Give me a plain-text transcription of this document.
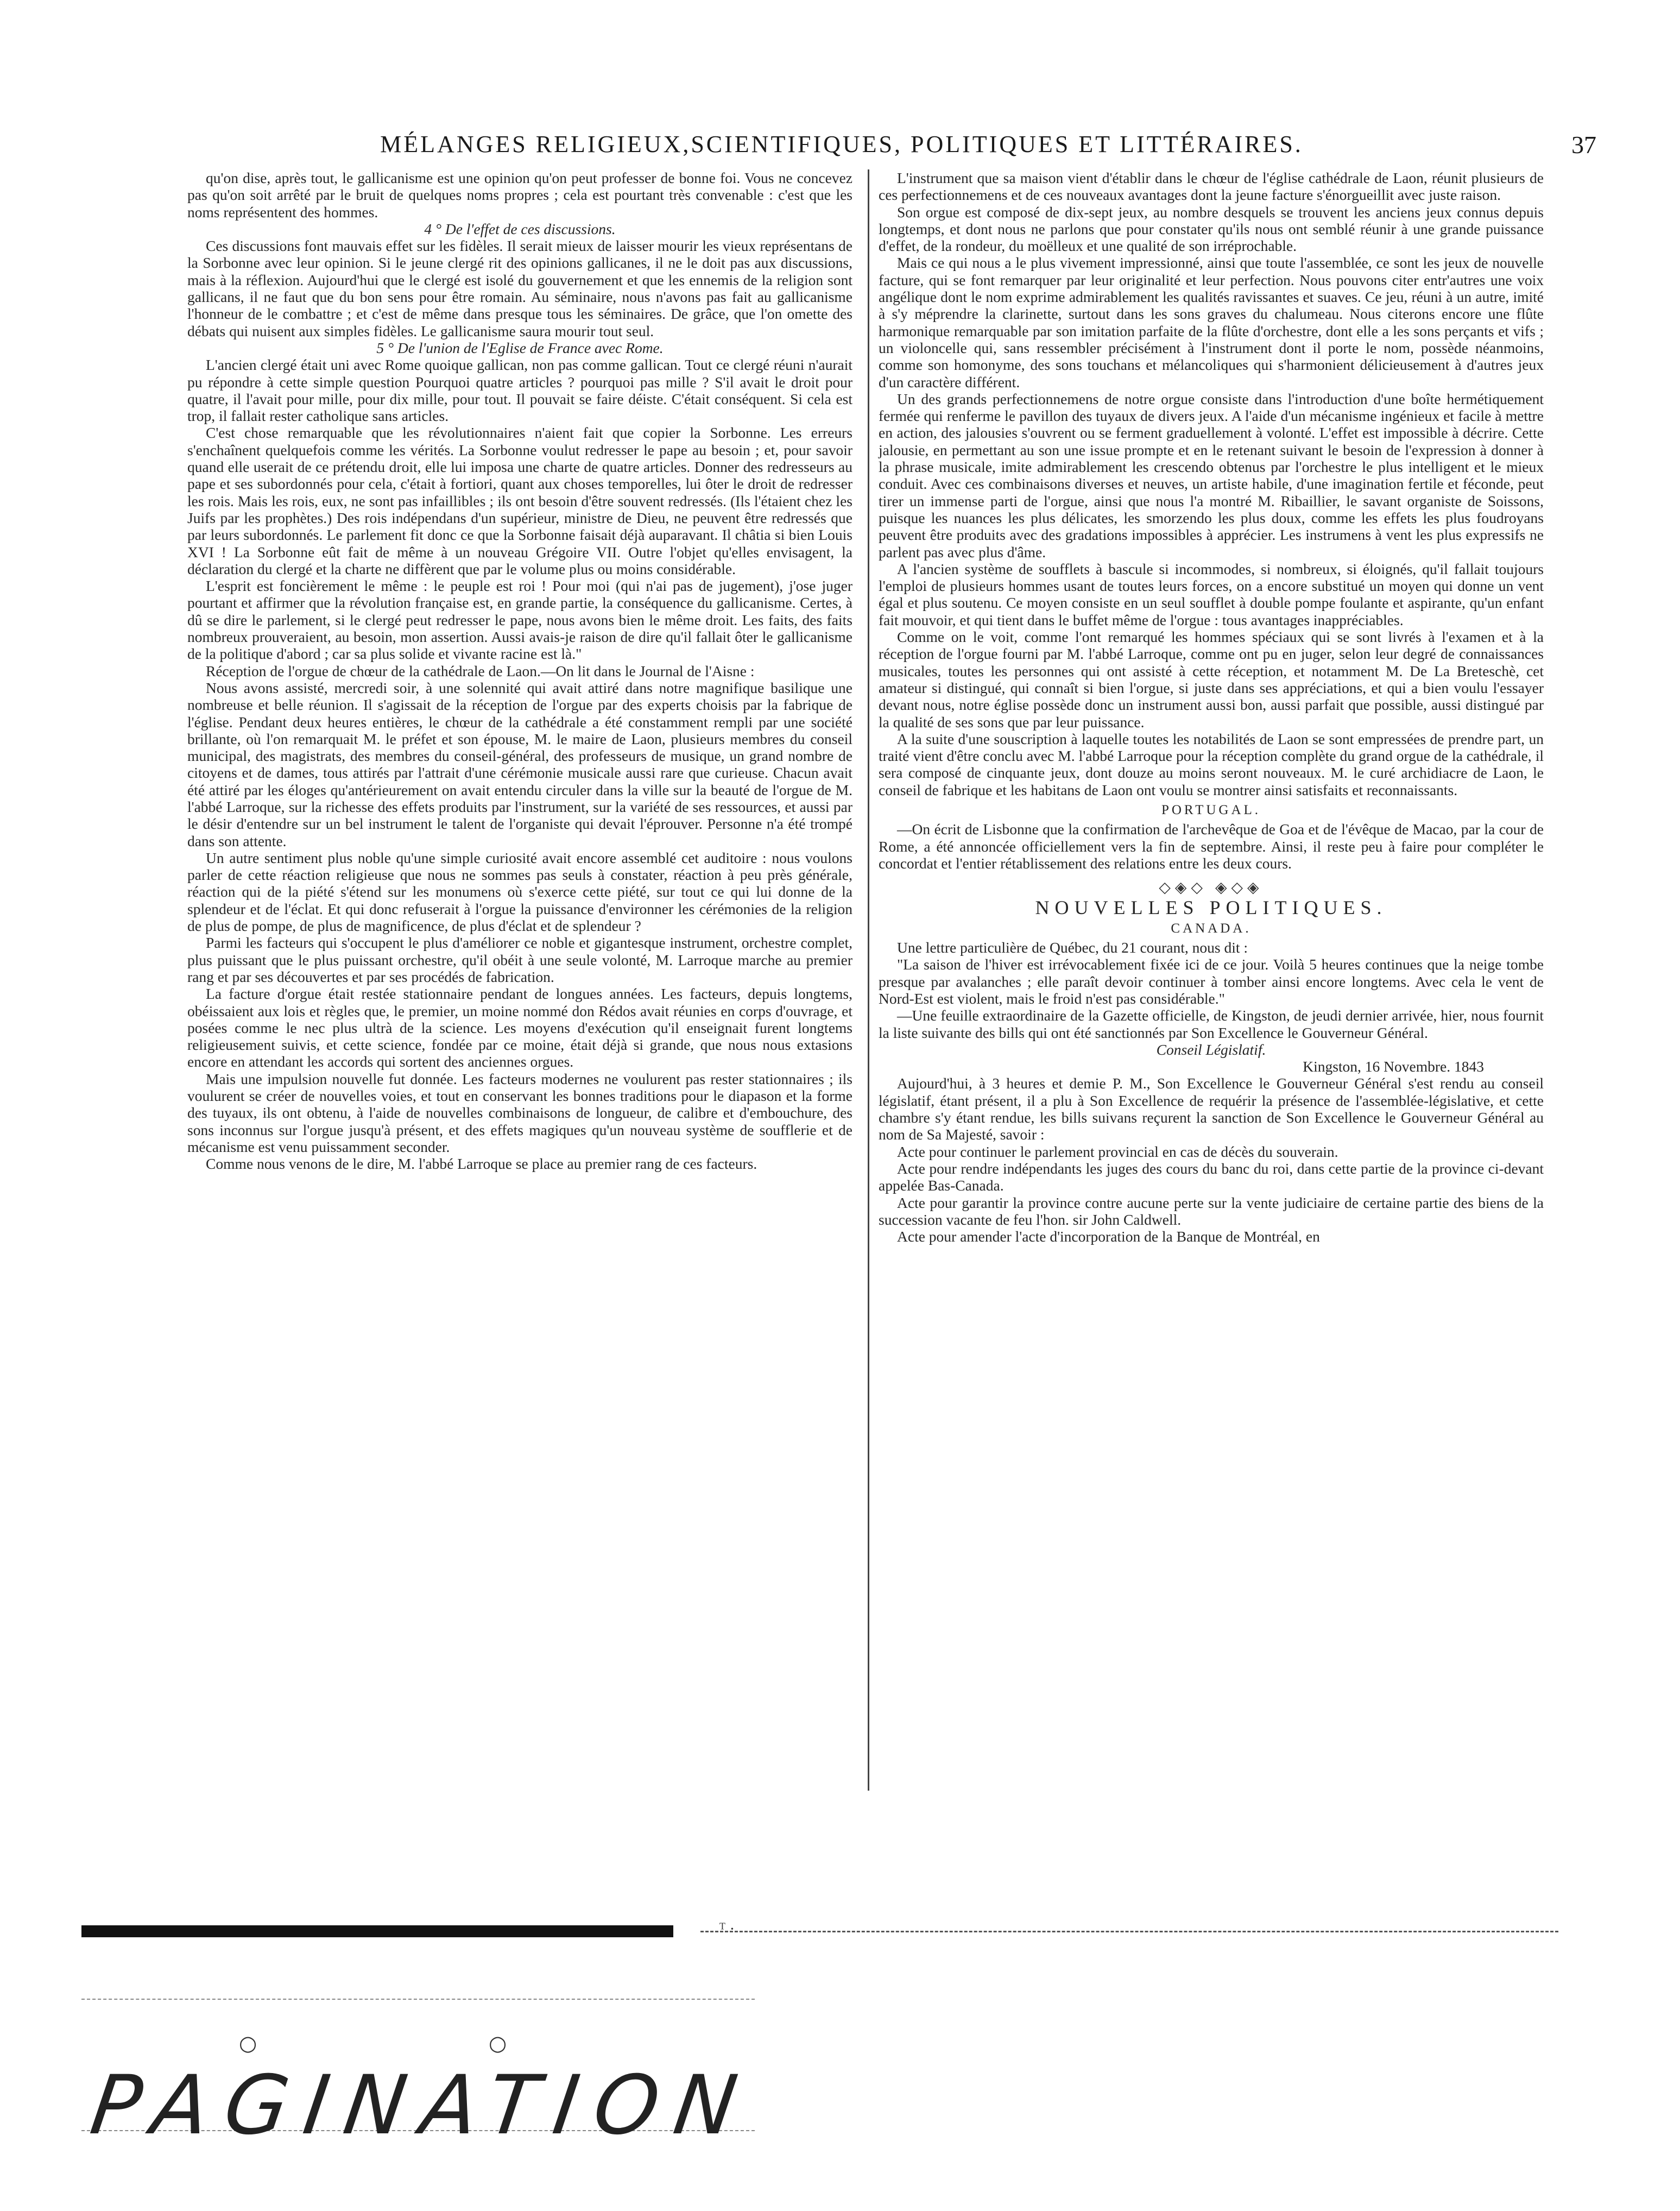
MÉLANGES RELIGIEUX,SCIENTIFIQUES, POLITIQUES ET LITTÉRAIRES.	37

qu'on dise, après tout, le gallicanisme est une opinion qu'on peut professer de bonne foi. Vous ne concevez pas qu'on soit arrêté par le bruit de quelques noms propres ; cela est pourtant très convenable : c'est que les noms représentent des hommes.

4 ° De l'effet de ces discussions.

Ces discussions font mauvais effet sur les fidèles. Il serait mieux de laisser mourir les vieux représentans de la Sorbonne avec leur opinion. Si le jeune clergé rit des opinions gallicanes, il ne le doit pas aux discussions, mais à la réflexion. Aujourd'hui que le clergé est isolé du gouvernement et que les ennemis de la religion sont gallicans, il ne faut que du bon sens pour être romain. Au séminaire, nous n'avons pas fait au gallicanisme l'honneur de le combattre ; et c'est de même dans presque tous les séminaires. De grâce, que l'on omette des débats qui nuisent aux simples fidèles. Le gallicanisme saura mourir tout seul.

5 ° De l'union de l'Eglise de France avec Rome.

L'ancien clergé était uni avec Rome quoique gallican, non pas comme gallican. Tout ce clergé réuni n'aurait pu répondre à cette simple question Pourquoi quatre articles ? pourquoi pas mille ? S'il avait le droit pour quatre, il l'avait pour mille, pour dix mille, pour tout. Il pouvait se faire déiste. C'était conséquent. Si cela est trop, il fallait rester catholique sans articles.

C'est chose remarquable que les révolutionnaires n'aient fait que copier la Sorbonne. Les erreurs s'enchaînent quelquefois comme les vérités. La Sorbonne voulut redresser le pape au besoin ; et, pour savoir quand elle userait de ce prétendu droit, elle lui imposa une charte de quatre articles. Donner des redresseurs au pape et ses subordonnés pour cela, c'était à fortiori, quant aux choses temporelles, lui ôter le droit de redresser les rois. Mais les rois, eux, ne sont pas infaillibles ; ils ont besoin d'être souvent redressés. (Ils l'étaient chez les Juifs par les prophètes.) Des rois indépendans d'un supérieur, ministre de Dieu, ne peuvent être redressés que par leurs subordonnés. Le parlement fit donc ce que la Sorbonne faisait déjà auparavant. Il châtia si bien Louis XVI ! La Sorbonne eût fait de même à un nouveau Grégoire VII. Outre l'objet qu'elles envisagent, la déclaration du clergé et la charte ne diffèrent que par le volume plus ou moins considérable.

L'esprit est foncièrement le même : le peuple est roi ! Pour moi (qui n'ai pas de jugement), j'ose juger pourtant et affirmer que la révolution française est, en grande partie, la conséquence du gallicanisme. Certes, à dû se dire le parlement, si le clergé peut redresser le pape, nous avons bien le même droit. Les faits, des faits nombreux prouveraient, au besoin, mon assertion. Aussi avais-je raison de dire qu'il fallait ôter le gallicanisme de la politique d'abord ; car sa plus solide et vivante racine est là."

Réception de l'orgue de chœur de la cathédrale de Laon.—On lit dans le Journal de l'Aisne :

Nous avons assisté, mercredi soir, à une solennité qui avait attiré dans notre magnifique basilique une nombreuse et belle réunion. Il s'agissait de la réception de l'orgue par des experts choisis par la fabrique de l'église. Pendant deux heures entières, le chœur de la cathédrale a été constamment rempli par une société brillante, où l'on remarquait M. le préfet et son épouse, M. le maire de Laon, plusieurs membres du conseil municipal, des magistrats, des membres du conseil-général, des professeurs de musique, un grand nombre de citoyens et de dames, tous attirés par l'attrait d'une cérémonie musicale aussi rare que curieuse. Chacun avait été attiré par les éloges qu'antérieurement on avait entendu circuler dans la ville sur la beauté de l'orgue de M. l'abbé Larroque, sur la richesse des effets produits par l'instrument, sur la variété de ses ressources, et aussi par le désir d'entendre sur un bel instrument le talent de l'organiste qui devait l'éprouver. Personne n'a été trompé dans son attente.

Un autre sentiment plus noble qu'une simple curiosité avait encore assemblé cet auditoire : nous voulons parler de cette réaction religieuse que nous ne sommes pas seuls à constater, réaction à peu près générale, réaction qui de la piété s'étend sur les monumens où s'exerce cette piété, sur tout ce qui lui donne de la splendeur et de l'éclat. Et qui donc refuserait à l'orgue la puissance d'environner les cérémonies de la religion de plus de pompe, de plus de magnificence, de plus d'éclat et de splendeur ?

Parmi les facteurs qui s'occupent le plus d'améliorer ce noble et gigantesque instrument, orchestre complet, plus puissant que le plus puissant orchestre, qu'il obéit à une seule volonté, M. Larroque marche au premier rang et par ses découvertes et par ses procédés de fabrication.

La facture d'orgue était restée stationnaire pendant de longues années. Les facteurs, depuis longtems, obéissaient aux lois et règles que, le premier, un moine nommé don Rédos avait réunies en corps d'ouvrage, et posées comme le nec plus ultrà de la science. Les moyens d'exécution qu'il enseignait furent longtems religieusement suivis, et cette science, fondée par ce moine, était déjà si grande, que nous nous extasions encore en attendant les accords qui sortent des anciennes orgues.

Mais une impulsion nouvelle fut donnée. Les facteurs modernes ne voulurent pas rester stationnaires ; ils voulurent se créer de nouvelles voies, et tout en conservant les bonnes traditions pour le diapason et la forme des tuyaux, ils ont obtenu, à l'aide de nouvelles combinaisons de longueur, de calibre et d'embouchure, des sons inconnus sur l'orgue jusqu'à présent, et des effets magiques qu'un nouveau système de soufflerie et de mécanisme est venu puissamment seconder.

Comme nous venons de le dire, M. l'abbé Larroque se place au premier rang de ces facteurs.

L'instrument que sa maison vient d'établir dans le chœur de l'église cathédrale de Laon, réunit plusieurs de ces perfectionnemens et de ces nouveaux avantages dont la jeune facture s'énorgueillit avec juste raison.

Son orgue est composé de dix-sept jeux, au nombre desquels se trouvent les anciens jeux connus depuis longtemps, et dont nous ne parlons que pour constater qu'ils nous ont semblé réunir à une grande puissance d'effet, de la rondeur, du moëlleux et une qualité de son irréprochable.

Mais ce qui nous a le plus vivement impressionné, ainsi que toute l'assemblée, ce sont les jeux de nouvelle facture, qui se font remarquer par leur originalité et leur perfection. Nous pouvons citer entr'autres une voix angélique dont le nom exprime admirablement les qualités ravissantes et suaves. Ce jeu, réuni à un autre, imité à s'y méprendre la clarinette, surtout dans les sons graves du chalumeau. Nous citerons encore une flûte harmonique remarquable par son imitation parfaite de la flûte d'orchestre, dont elle a les sons perçants et vifs ; un violoncelle qui, sans ressembler précisément à l'instrument dont il porte le nom, possède néanmoins, comme son homonyme, des sons touchans et mélancoliques qui s'harmonient délicieusement à d'autres jeux d'un caractère différent.

Un des grands perfectionnemens de notre orgue consiste dans l'introduction d'une boîte hermétiquement fermée qui renferme le pavillon des tuyaux de divers jeux. A l'aide d'un mécanisme ingénieux et facile à mettre en action, des jalousies s'ouvrent ou se ferment graduellement à volonté. L'effet est impossible à décrire. Cette jalousie, en permettant au son une issue prompte et en le retenant suivant le besoin de l'expression à donner à la phrase musicale, imite admirablement les crescendo obtenus par l'orchestre le plus intelligent et le mieux conduit. Avec ces combinaisons diverses et neuves, un artiste habile, d'une imagination fertile et féconde, peut tirer un immense parti de l'orgue, ainsi que nous l'a montré M. Ribaillier, le savant organiste de Soissons, puisque les nuances les plus délicates, les smorzendo les plus doux, comme les effets les plus foudroyans peuvent être produits avec des gradations impossibles à apprécier. Les instrumens à vent les plus expressifs ne parlent pas avec plus d'âme.

A l'ancien système de soufflets à bascule si incommodes, si nombreux, si éloignés, qu'il fallait toujours l'emploi de plusieurs hommes usant de toutes leurs forces, on a encore substitué un moyen qui donne un vent égal et plus soutenu. Ce moyen consiste en un seul soufflet à double pompe foulante et aspirante, qu'un enfant fait mouvoir, et qui tient dans le buffet même de l'orgue : tous avantages inappréciables.

Comme on le voit, comme l'ont remarqué les hommes spéciaux qui se sont livrés à l'examen et à la réception de l'orgue fourni par M. l'abbé Larroque, comme ont pu en juger, selon leur degré de connaissances musicales, toutes les personnes qui ont assisté à cette réception, et notamment M. De La Breteschè, cet amateur si distingué, qui connaît si bien l'orgue, si juste dans ses appréciations, et qui a bien voulu l'essayer devant nous, notre église possède donc un instrument aussi bon, aussi parfait que possible, aussi distingué par la qualité de ses sons que par leur puissance.

A la suite d'une souscription à laquelle toutes les notabilités de Laon se sont empressées de prendre part, un traité vient d'être conclu avec M. l'abbé Larroque pour la réception complète du grand orgue de la cathédrale, il sera composé de cinquante jeux, dont douze au moins seront nouveaux. M. le curé archidiacre de Laon, le conseil de fabrique et les habitans de Laon ont voulu se montrer ainsi satisfaits et reconnaissants.

PORTUGAL.

—On écrit de Lisbonne que la confirmation de l'archevêque de Goa et de l'évêque de Macao, par la cour de Rome, a été annoncée officiellement vers la fin de septembre. Ainsi, il reste peu à faire pour compléter le concordat et l'entier rétablissement des relations entre les deux cours.

◇◈◇ ◈◇◈

NOUVELLES POLITIQUES.

CANADA.

Une lettre particulière de Québec, du 21 courant, nous dit :

"La saison de l'hiver est irrévocablement fixée ici de ce jour. Voilà 5 heures continues que la neige tombe presque par avalanches ; elle paraît devoir continuer à tomber ainsi encore longtems. Avec cela le vent de Nord-Est est violent, mais le froid n'est pas considérable."

—Une feuille extraordinaire de la Gazette officielle, de Kingston, de jeudi dernier arrivée, hier, nous fournit la liste suivante des bills qui ont été sanctionnés par Son Excellence le Gouverneur Général.

Conseil Législatif.

Kingston, 16 Novembre. 1843

Aujourd'hui, à 3 heures et demie P. M., Son Excellence le Gouverneur Général s'est rendu au conseil législatif, étant présent, il a plu à Son Excellence de requérir la présence de l'assemblée-législative, et cette chambre s'y étant rendue, les bills suivans reçurent la sanction de Son Excellence le Gouverneur Général au nom de Sa Majesté, savoir :

Acte pour continuer le parlement provincial en cas de décès du souverain.

Acte pour rendre indépendants les juges des cours du banc du roi, dans cette partie de la province ci-devant appelée Bas-Canada.

Acte pour garantir la province contre aucune perte sur la vente judiciaire de certaine partie des biens de la succession vacante de feu l'hon. sir John Caldwell.

Acte pour amender l'acte d'incorporation de la Banque de Montréal, en

ᵀ ·
○	○
PAGINATION
